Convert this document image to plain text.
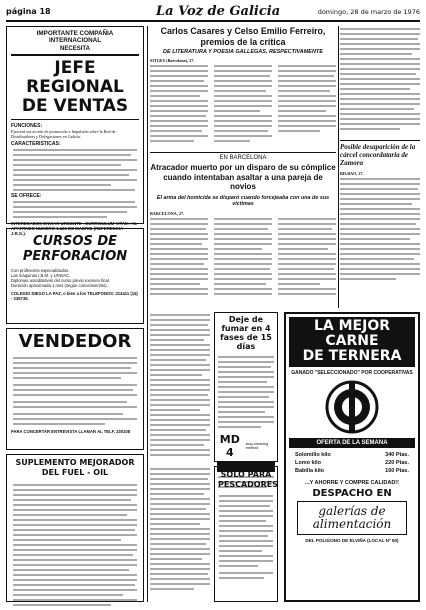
página 18	La Voz de Galicia	domingo, 28 de marzo de 1976
IMPORTANTE COMPAÑIA INTERNACIONAL
NECESITA
JEFE REGIONAL DE VENTAS
FUNCIONES:
Ejercerá sus acción de promoción a Impulsión sobre la Red de Distribuidores y Delegaciones en Galicia.
CARACTERISTICAS:
SE OFRECE:
INTERESADOS ENVIAR URGENTE «CURRICULUM VITAE» AL APARTADO NUMERO 1.126 DE MADRID (REFERENCIA J.R.G.).
CURSOS DE PERFORACION
Con profesores especializados.
Las máquinas I.B.M. y UNIVAC.
Diplomas acreditativos del curso previo examen final.
Duración aproximada 1 mes (según conocimientos).
COLEGIO DIEGO LA PAZ, o bien a los TELEFONOS: 214411 (15) - 236735.
VENDEDOR
PARA CONCERTAR ENTREVISTA LLAMAR AL TELF. 230108
SUPLEMENTO MEJORADOR DEL FUEL - OIL
Carlos Casares y Celso Emilio Ferreiro, premios de la crítica
DE LITERATURA Y POESIA GALLEGAS, RESPECTIVAMENTE
SITGES (Barcelona), 27.
EN BARCELONA
Atracador muerto por un disparo de su cómplice cuando intentaban asaltar a una pareja de novios
El arma del homicida se disparó cuando forcejeaba con una de sus víctimas
BARCELONA, 27.
Deje de fumar en 4 fases de 15 días
MD 4
stop-smoking method
SOLO PARA PESCADORES
Posible desaparición de la cárcel concordataria de Zamora
BILBAO, 27.
LA MEJOR CARNE
DE TERNERA
GANADO "SELECCIONADO" POR COOPERATIVAS
OFERTA DE LA SEMANA
Solomillo kilo	340 Ptas.
Lomo kilo	220 Ptas.
Babilla kilo	160 Ptas.
...Y AHORRE Y COMPRE CALIDAD!!
DESPACHO EN
galerías de
alimentación
DEL POLIGONO DE ELVIÑA (LOCAL Nº 50)
